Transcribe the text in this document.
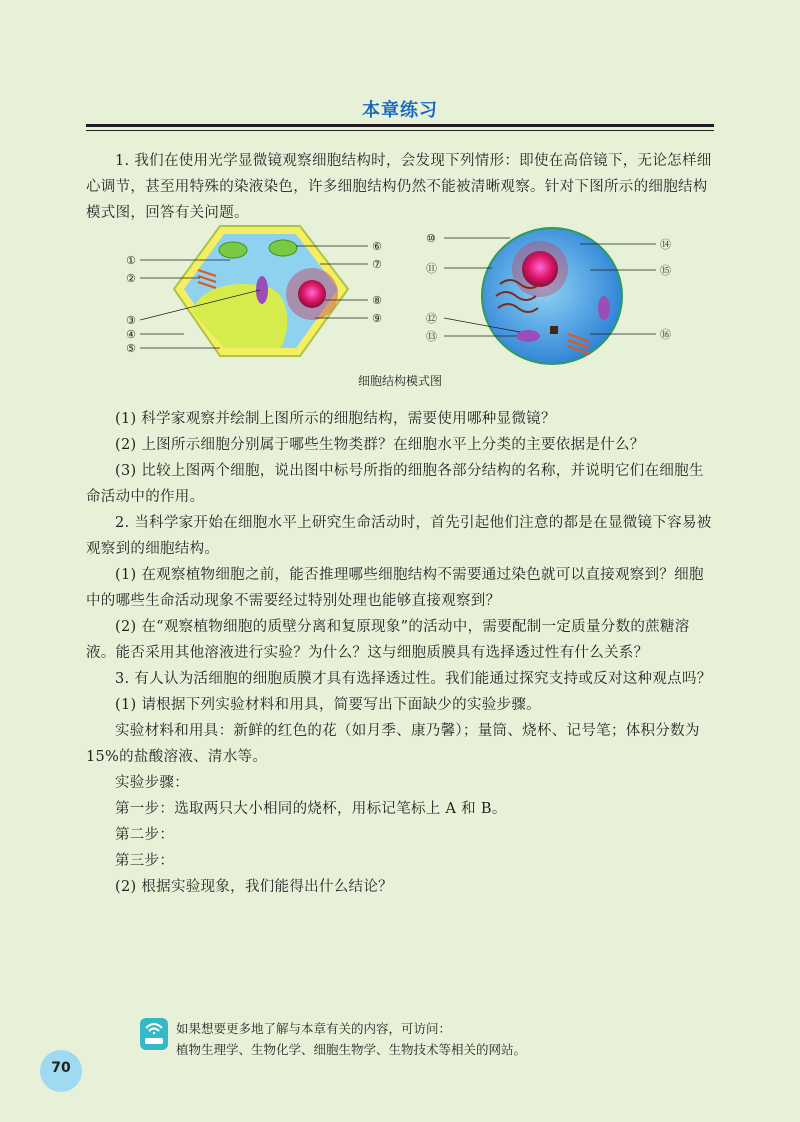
本章练习

1. 我们在使用光学显微镜观察细胞结构时，会发现下列情形：即使在高倍镜下，无论怎样细心调节，甚至用特殊的染液染色，许多细胞结构仍然不能被清晰观察。针对下图所示的细胞结构模式图，回答有关问题。

①
②
③
④
⑤
⑥
⑦
⑧
⑨
⑩
⑪
⑫
⑬
⑭
⑮
⑯
细胞结构模式图

(1) 科学家观察并绘制上图所示的细胞结构，需要使用哪种显微镜？

(2) 上图所示细胞分别属于哪些生物类群？在细胞水平上分类的主要依据是什么？

(3) 比较上图两个细胞，说出图中标号所指的细胞各部分结构的名称，并说明它们在细胞生命活动中的作用。

2. 当科学家开始在细胞水平上研究生命活动时，首先引起他们注意的都是在显微镜下容易被观察到的细胞结构。

(1) 在观察植物细胞之前，能否推理哪些细胞结构不需要通过染色就可以直接观察到？细胞中的哪些生命活动现象不需要经过特别处理也能够直接观察到？

(2) 在“观察植物细胞的质壁分离和复原现象”的活动中，需要配制一定质量分数的蔗糖溶液。能否采用其他溶液进行实验？为什么？这与细胞质膜具有选择透过性有什么关系？

3. 有人认为活细胞的细胞质膜才具有选择透过性。我们能通过探究支持或反对这种观点吗？

(1) 请根据下列实验材料和用具，简要写出下面缺少的实验步骤。

实验材料和用具：新鲜的红色的花（如月季、康乃馨）；量筒、烧杯、记号笔；体积分数为15%的盐酸溶液、清水等。

实验步骤：

第一步：选取两只大小相同的烧杯，用标记笔标上 A 和 B。

第二步：

第三步：

(2) 根据实验现象，我们能得出什么结论？

如果想要更多地了解与本章有关的内容，可访问：
植物生理学、生物化学、细胞生物学、生物技术等相关的网站。
70
